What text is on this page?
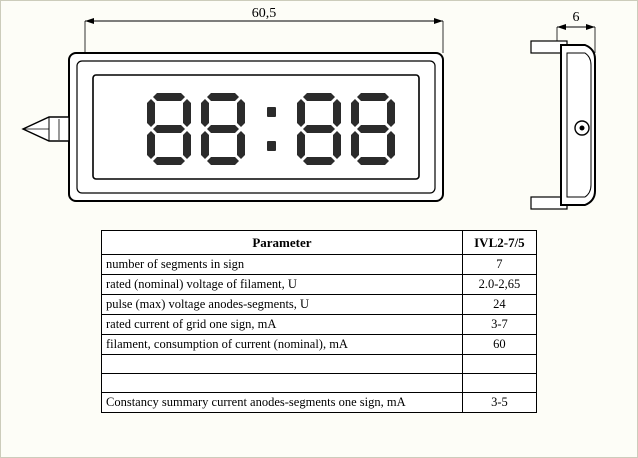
60,5	6
Parameter	IVL2-7/5
number of segments in sign	7
rated (nominal) voltage of filament, U	2.0-2,65
pulse (max) voltage anodes-segments, U	24
rated current of grid one sign, mA	3-7
filament, consumption of current (nominal), mA	60

Constancy summary current anodes-segments one sign, mA	3-5
